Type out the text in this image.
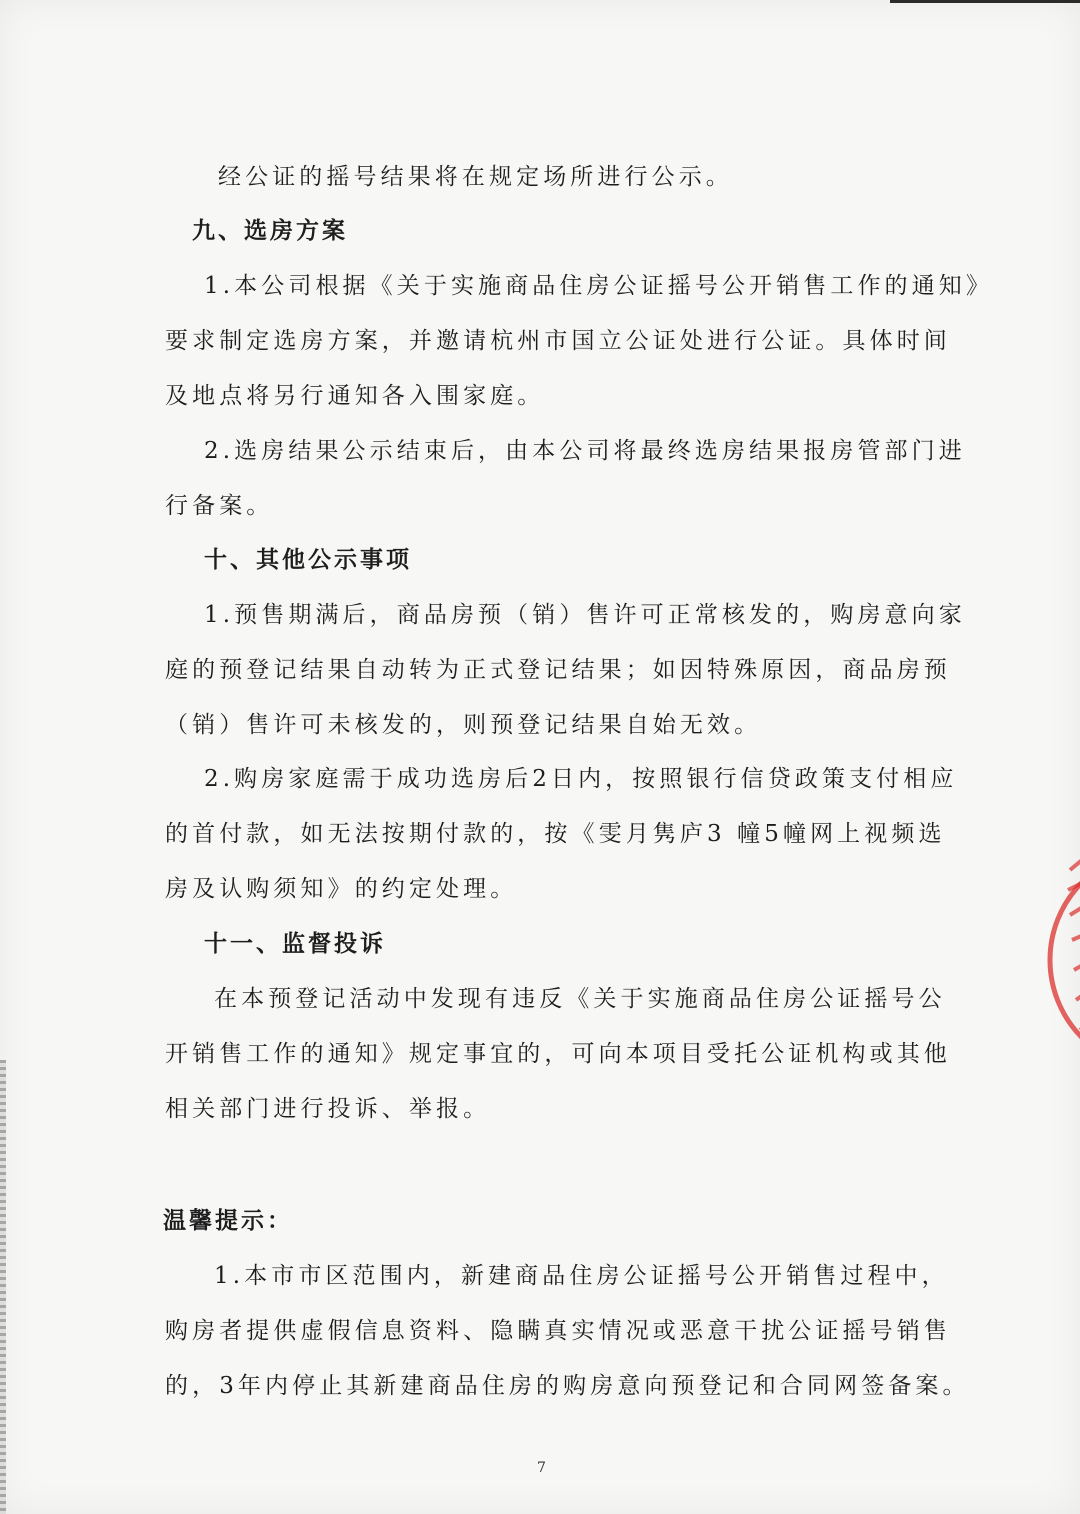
经公证的摇号结果将在规定场所进行公示。
九、选房方案
1.本公司根据《关于实施商品住房公证摇号公开销售工作的通知》
要求制定选房方案，并邀请杭州市国立公证处进行公证。具体时间
及地点将另行通知各入围家庭。
2.选房结果公示结束后，由本公司将最终选房结果报房管部门进
行备案。
十、其他公示事项
1.预售期满后，商品房预（销）售许可正常核发的，购房意向家
庭的预登记结果自动转为正式登记结果；如因特殊原因，商品房预
（销）售许可未核发的，则预登记结果自始无效。
2.购房家庭需于成功选房后2日内，按照银行信贷政策支付相应
的首付款，如无法按期付款的，按《雯月隽庐3 幢5幢网上视频选
房及认购须知》的约定处理。
十一、监督投诉
在本预登记活动中发现有违反《关于实施商品住房公证摇号公
开销售工作的通知》规定事宜的，可向本项目受托公证机构或其他
相关部门进行投诉、举报。
温馨提示：
1.本市市区范围内，新建商品住房公证摇号公开销售过程中，
购房者提供虚假信息资料、隐瞒真实情况或恶意干扰公证摇号销售
的，3年内停止其新建商品住房的购房意向预登记和合同网签备案。
7
